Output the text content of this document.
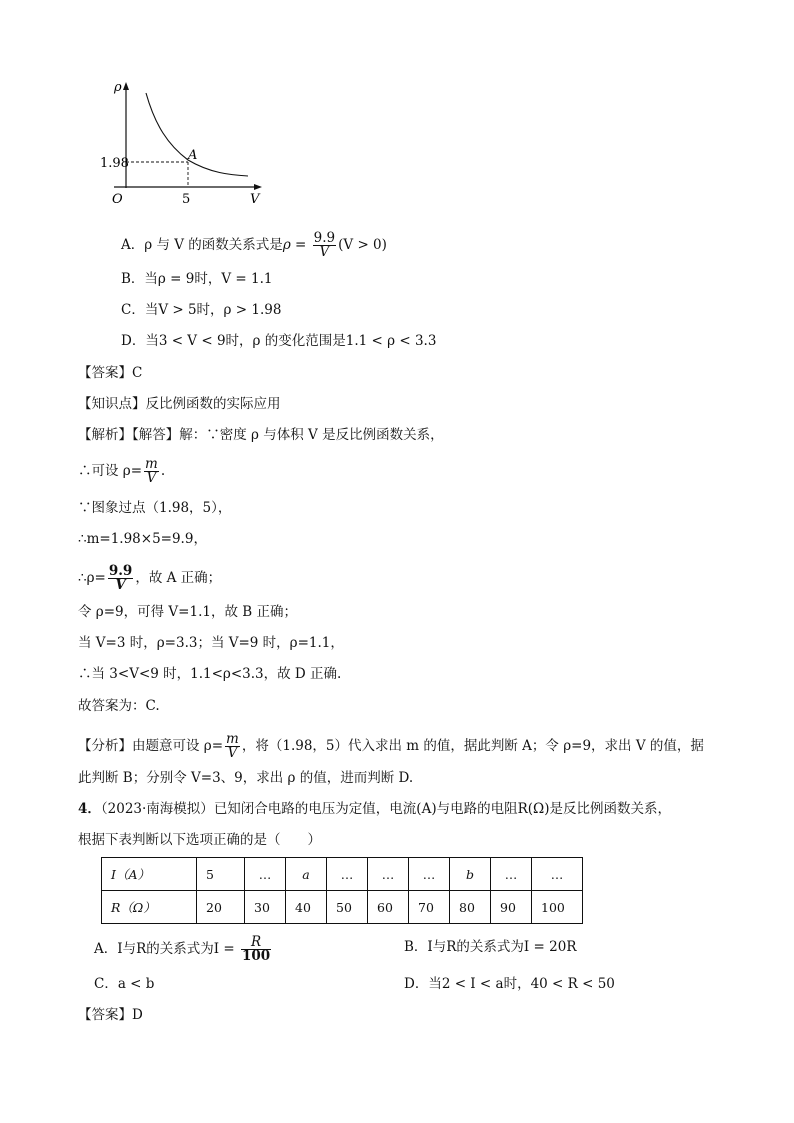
ρ
V
O
1.98
5
A
A．ρ 与 V 的函数关系式是$\rho = \frac{9.9}{V} (V > 0)$
B．当ρ = 9时，V = 1.1
C．当V > 5时，ρ > 1.98
D．当3 < V < 9时，ρ 的变化范围是1.1 < ρ < 3.3
【答案】C
【知识点】反比例函数的实际应用
【解析】【解答】解：∵密度 ρ 与体积 V 是反比例函数关系，
∴可设 $\rho= \frac{m}{V}$ .
∵图象过点（1.98，5），
∴m=1.98×5=9.9，
∴ρ= $\frac{9.9}{V}$ ，故 A 正确；
令 ρ=9，可得 V=1.1，故 B 正确；
当 V=3 时，ρ=3.3；当 V=9 时，ρ=1.1，
∴当 3<V<9 时，1.1<ρ<3.3，故 D 正确.
故答案为：C.
【分析】由题意可设 $\rho= \frac{m}{V}$ ，将（1.98，5）代入求出 m 的值，据此判断 A；令 ρ=9，求出 V 的值，据
此判断 B；分别令 V=3、9，求出 ρ 的值，进而判断 D.
4．（2023·南海模拟）已知闭合电路的电压为定值，电流(A)与电路的电阻R(Ω)是反比例函数关系，
根据下表判断以下选项正确的是（　　）
I（A）	5	…	a	…	…	…	b	…	…
R（Ω）	20	30	40	50	60	70	80	90	100
A．I与R的关系式为$I = \frac{R}{100}$	B．I与R的关系式为I = 20R
C．a < b	D．当2 < I < a时，40 < R < 50
【答案】D
